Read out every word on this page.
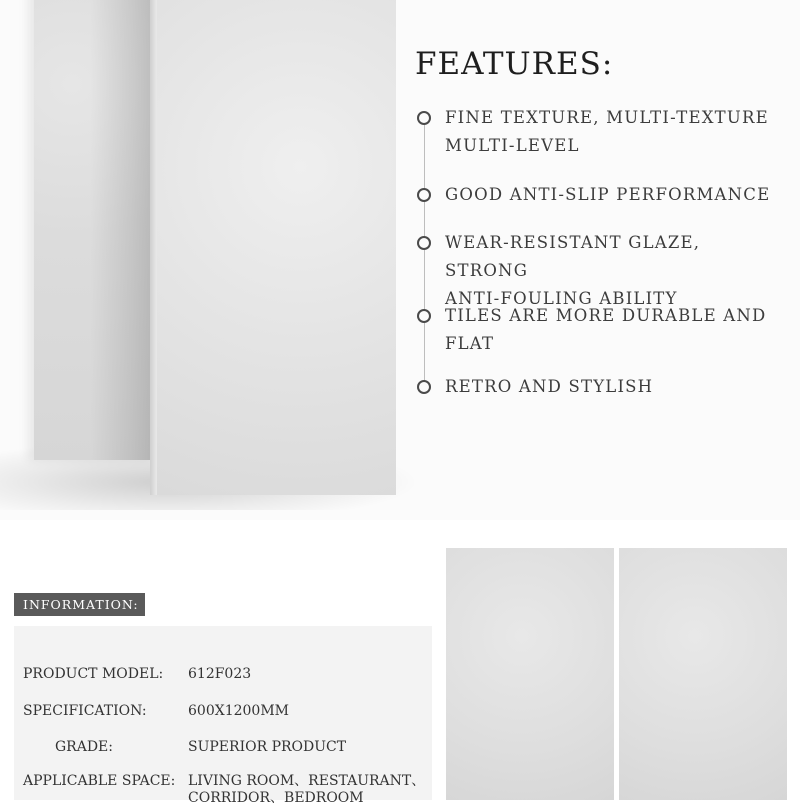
FEATURES:
FINE TEXTURE, MULTI-TEXTURE
MULTI-LEVEL
GOOD ANTI-SLIP PERFORMANCE
WEAR-RESISTANT GLAZE, STRONG
ANTI-FOULING ABILITY
TILES ARE MORE DURABLE AND
FLAT
RETRO AND STYLISH
INFORMATION:
PRODUCT MODEL: 612F023
SPECIFICATION:	600X1200MM
GRADE:	SUPERIOR PRODUCT
APPLICABLE SPACE: LIVING ROOM、RESTAURANT、CORRIDOR、BEDROOM
